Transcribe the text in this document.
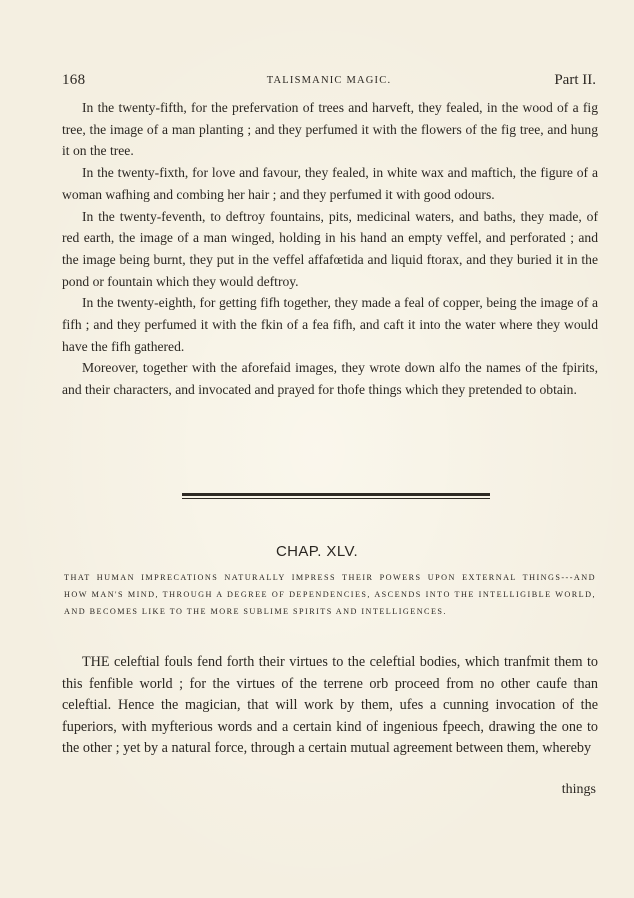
168	TALISMANIC MAGIC.	Part II.

In the twenty-fifth, for the prefervation of trees and harveft, they fealed, in the wood of a fig tree, the image of a man planting ; and they perfumed it with the flowers of the fig tree, and hung it on the tree.

In the twenty-fixth, for love and favour, they fealed, in white wax and maftich, the figure of a woman wafhing and combing her hair ; and they perfumed it with good odours.

In the twenty-feventh, to deftroy fountains, pits, medicinal waters, and baths, they made, of red earth, the image of a man winged, holding in his hand an empty veffel, and perforated ; and the image being burnt, they put in the veffel affafœtida and liquid ftorax, and they buried it in the pond or fountain which they would deftroy.

In the twenty-eighth, for getting fifh together, they made a feal of copper, being the image of a fifh ; and they perfumed it with the fkin of a fea fifh, and caft it into the water where they would have the fifh gathered.

Moreover, together with the aforefaid images, they wrote down alfo the names of the fpirits, and their characters, and invocated and prayed for thofe things which they pretended to obtain.

CHAP. XLV.
THAT HUMAN IMPRECATIONS NATURALLY IMPRESS THEIR POWERS UPON EXTERNAL THINGS---AND HOW MAN'S MIND, THROUGH A DEGREE OF DEPENDENCIES, ASCENDS INTO THE INTELLIGIBLE WORLD, AND BECOMES LIKE TO THE MORE SUBLIME SPIRITS AND INTELLIGENCES.

THE celeftial fouls fend forth their virtues to the celeftial bodies, which tranfmit them to this fenfible world ; for the virtues of the terrene orb proceed from no other caufe than celeftial. Hence the magician, that will work by them, ufes a cunning invocation of the fuperiors, with myfterious words and a certain kind of ingenious fpeech, drawing the one to the other ; yet by a natural force, through a certain mutual agreement between them, whereby

things
